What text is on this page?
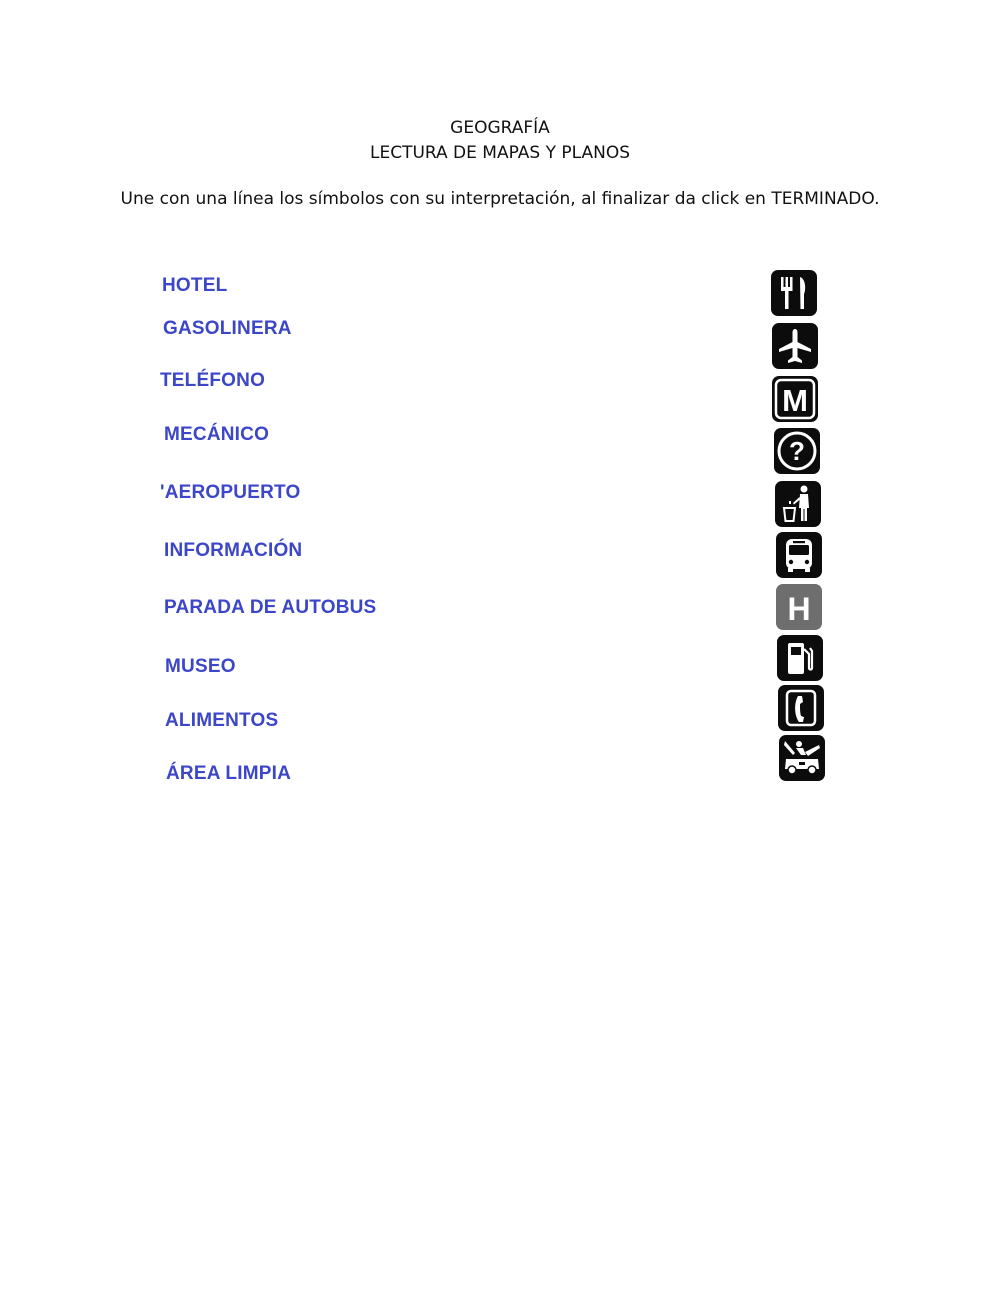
GEOGRAFÍA
LECTURA DE MAPAS Y PLANOS
Une con una línea los símbolos con su interpretación, al finalizar da click en TERMINADO.
HOTEL
GASOLINERA
TELÉFONO
MECÁNICO
'AEROPUERTO
INFORMACIÓN
PARADA DE AUTOBUS
MUSEO
ALIMENTOS
ÁREA LIMPIA
M
?
H
